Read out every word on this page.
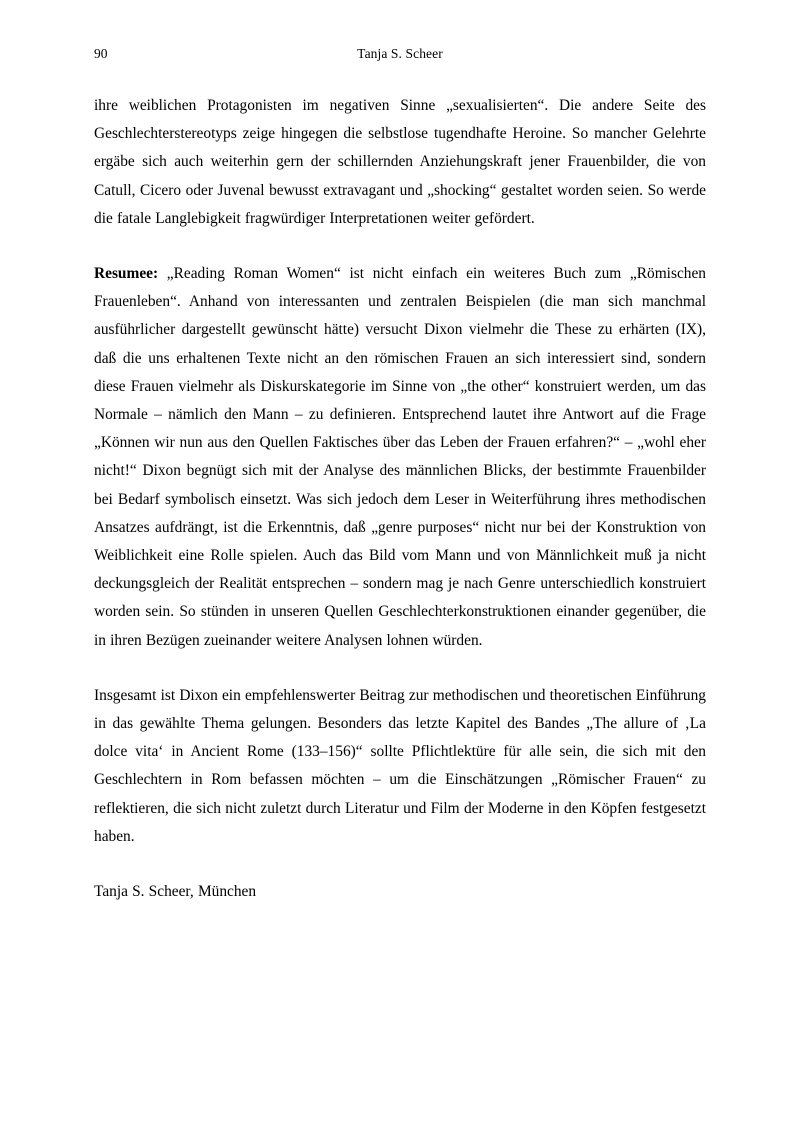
90	Tanja S. Scheer

ihre weiblichen Protagonisten im negativen Sinne „sexualisierten“. Die andere Seite des Geschlechterstereotyps zeige hingegen die selbstlose tugendhafte Heroine. So mancher Gelehrte ergäbe sich auch weiterhin gern der schillernden Anziehungskraft jener Frauenbilder, die von Catull, Cicero oder Juvenal bewusst extravagant und „shocking“ gestaltet worden seien. So werde die fatale Langlebigkeit fragwürdiger Interpretationen weiter gefördert.

Resumee: „Reading Roman Women“ ist nicht einfach ein weiteres Buch zum „Römischen Frauenleben“. Anhand von interessanten und zentralen Beispielen (die man sich manchmal ausführlicher dargestellt gewünscht hätte) versucht Dixon vielmehr die These zu erhärten (IX), daß die uns erhaltenen Texte nicht an den römischen Frauen an sich interessiert sind, sondern diese Frauen vielmehr als Diskurskategorie im Sinne von „the other“ konstruiert werden, um das Normale – nämlich den Mann – zu definieren. Entsprechend lautet ihre Antwort auf die Frage „Können wir nun aus den Quellen Faktisches über das Leben der Frauen erfahren?“ – „wohl eher nicht!“ Dixon begnügt sich mit der Analyse des männlichen Blicks, der bestimmte Frauenbilder bei Bedarf symbolisch einsetzt. Was sich jedoch dem Leser in Weiterführung ihres methodischen Ansatzes aufdrängt, ist die Erkenntnis, daß „genre purposes“ nicht nur bei der Konstruktion von Weiblichkeit eine Rolle spielen. Auch das Bild vom Mann und von Männlichkeit muß ja nicht deckungsgleich der Realität entsprechen – sondern mag je nach Genre unterschiedlich konstruiert worden sein. So stünden in unseren Quellen Geschlechterkonstruktionen einander gegenüber, die in ihren Bezügen zueinander weitere Analysen lohnen würden.

Insgesamt ist Dixon ein empfehlenswerter Beitrag zur methodischen und theoretischen Einführung in das gewählte Thema gelungen. Besonders das letzte Kapitel des Bandes „The allure of ‚La dolce vita‘ in Ancient Rome (133–156)“ sollte Pflichtlektüre für alle sein, die sich mit den Geschlechtern in Rom befassen möchten – um die Einschätzungen „Römischer Frauen“ zu reflektieren, die sich nicht zuletzt durch Literatur und Film der Moderne in den Köpfen festgesetzt haben.

Tanja S. Scheer, München
